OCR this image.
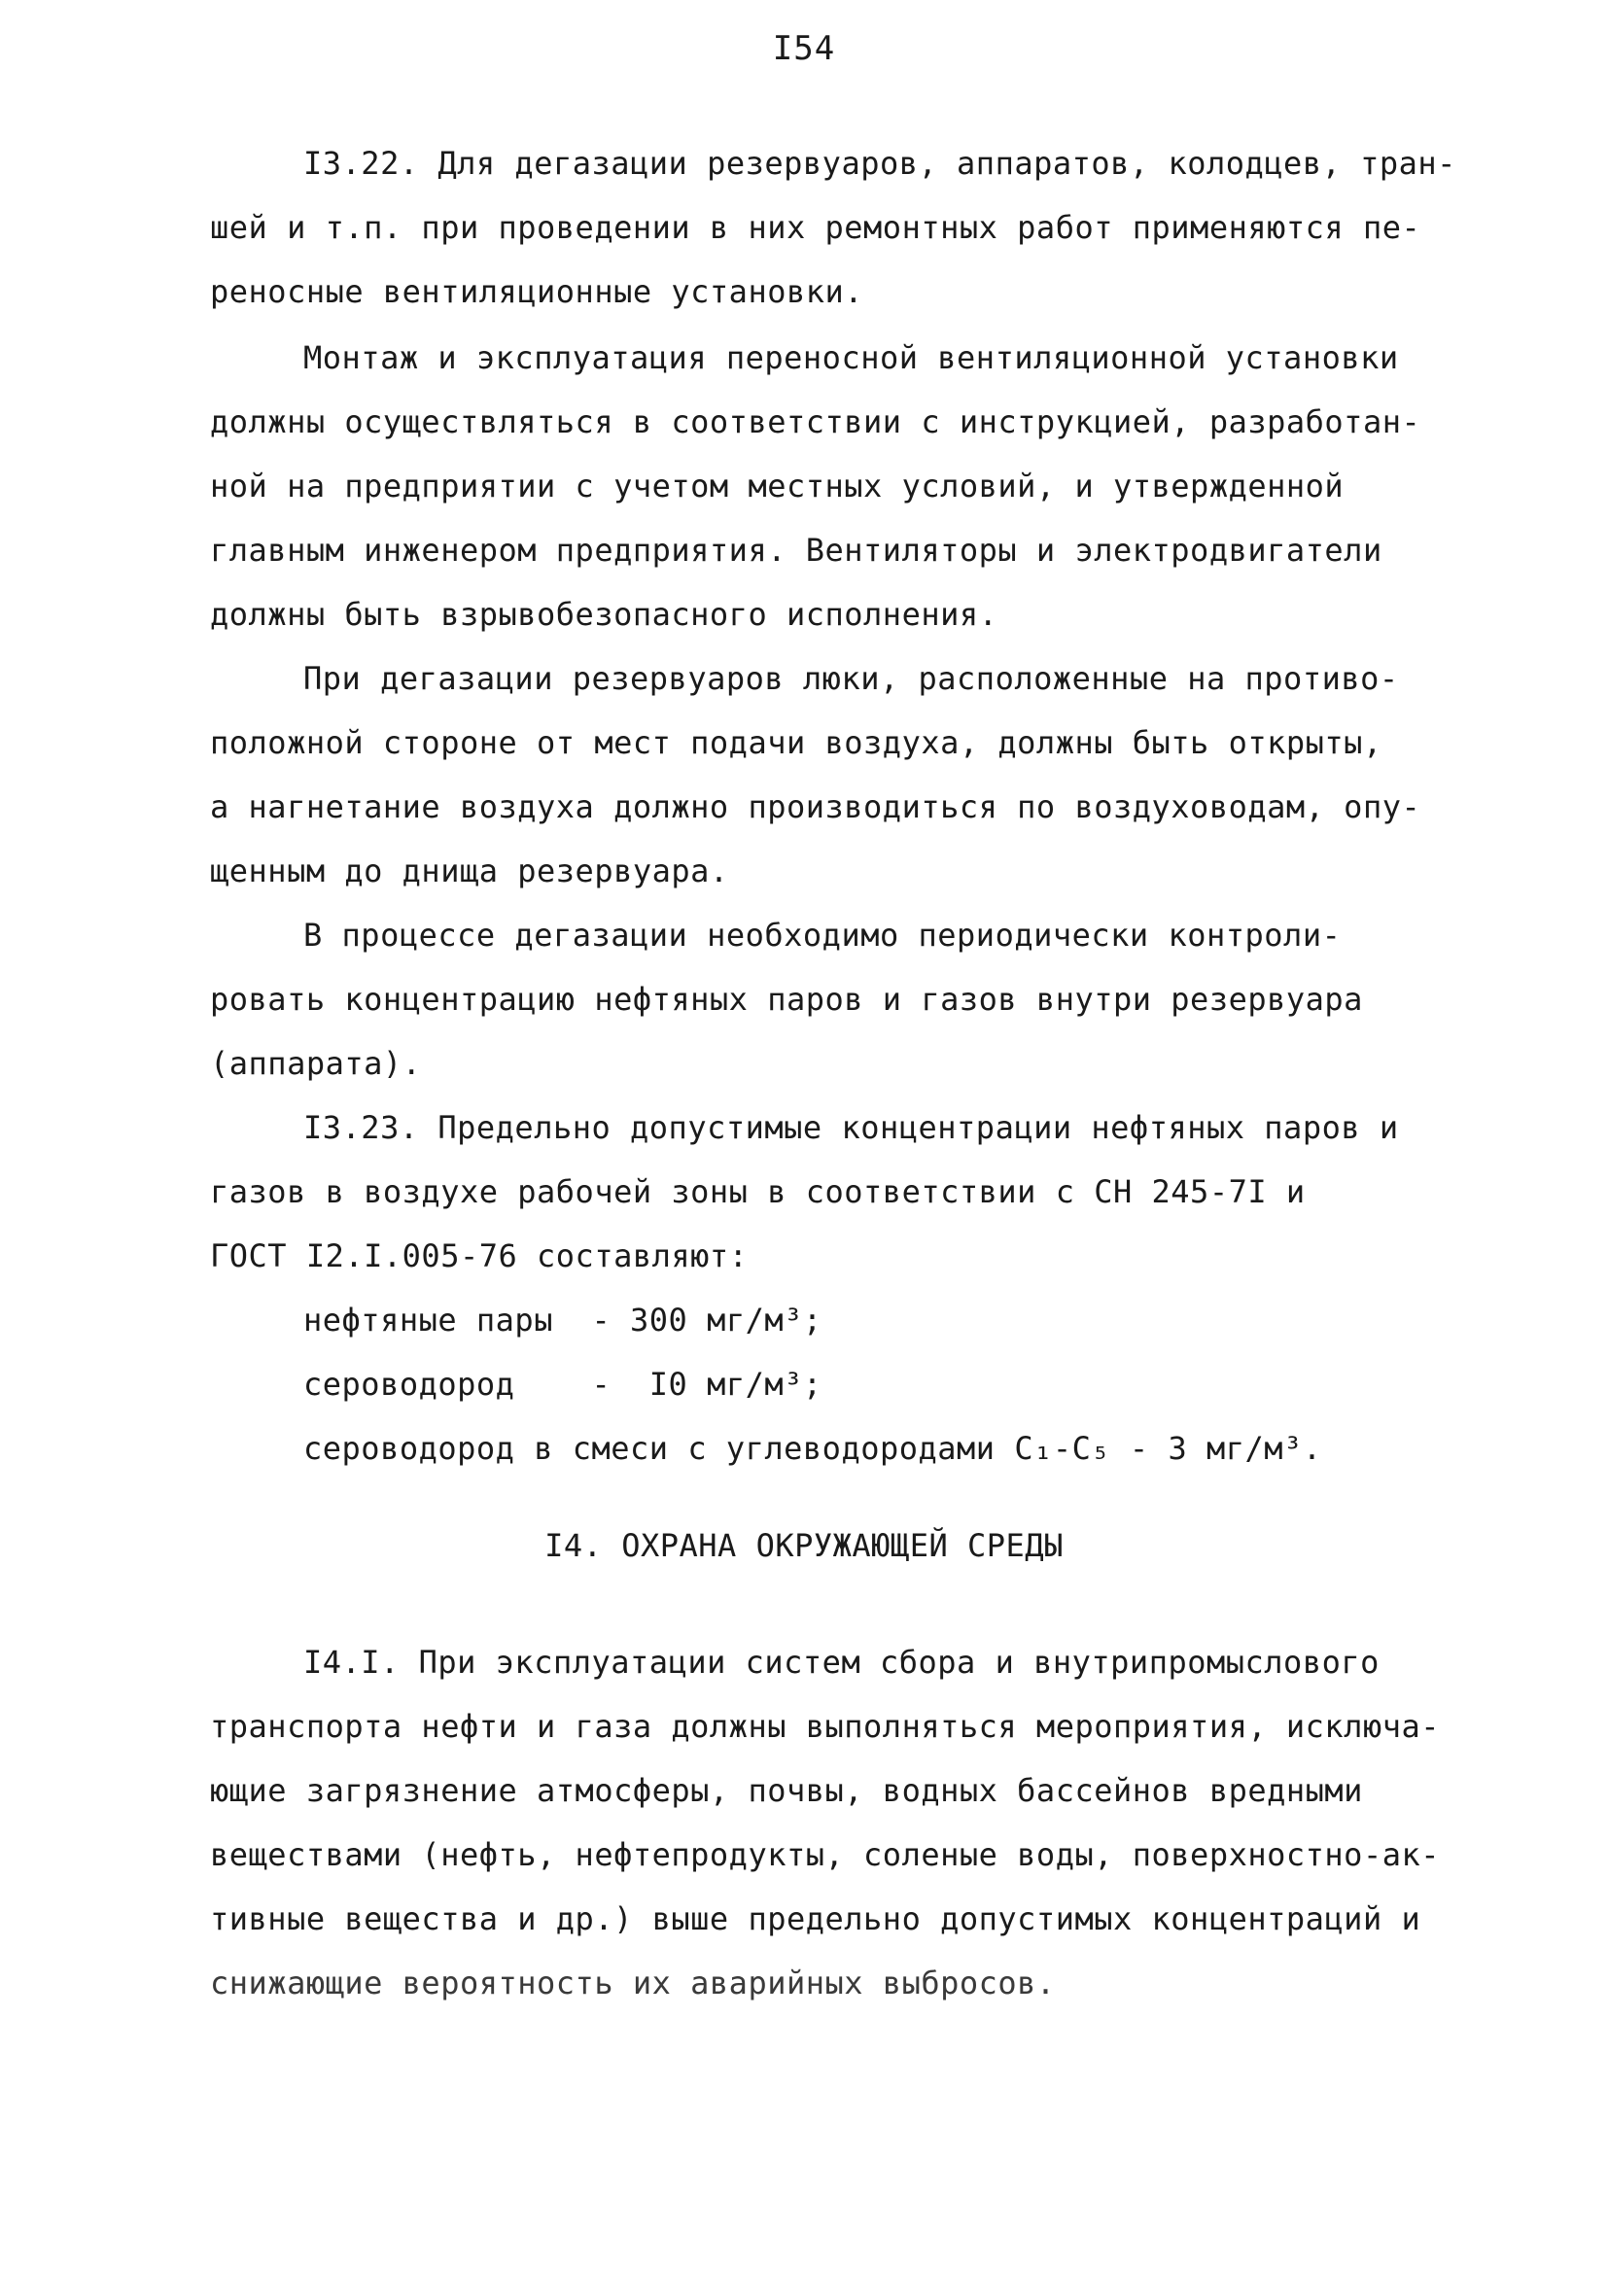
I54
I3.22. Для дегазации резервуаров, аппаратов, колодцев, тран-
шей и т.п. при проведении в них ремонтных работ применяются пе-
реносные вентиляционные установки.
Монтаж и эксплуатация переносной вентиляционной установки
должны осуществляться в соответствии с инструкцией, разработан-
ной на предприятии с учетом местных условий, и утвержденной
главным инженером предприятия. Вентиляторы и электродвигатели
должны быть взрывобезопасного исполнения.
При дегазации резервуаров люки, расположенные на противо-
положной стороне от мест подачи воздуха, должны быть открыты,
а нагнетание воздуха должно производиться по воздуховодам, опу-
щенным до днища резервуара.
В процессе дегазации необходимо периодически контроли-
ровать концентрацию нефтяных паров и газов внутри резервуара
(аппарата).
I3.23. Предельно допустимые концентрации нефтяных паров и
газов в воздухе рабочей зоны в соответствии с СН 245-7I и
ГОСТ I2.I.005-76 составляют:
нефтяные пары  - 300 мг/м³;
сероводород    -  I0 мг/м³;
сероводород в смеси с углеводородами C₁-C₅ - 3 мг/м³.
I4. ОХРАНА ОКРУЖАЮЩЕЙ СРЕДЫ
I4.I. При эксплуатации систем сбора и внутрипромыслового
транспорта нефти и газа должны выполняться мероприятия, исключа-
ющие загрязнение атмосферы, почвы, водных бассейнов вредными
веществами (нефть, нефтепродукты, соленые воды, поверхностно-ак-
тивные вещества и др.) выше предельно допустимых концентраций и
снижающие вероятность их аварийных выбросов.
